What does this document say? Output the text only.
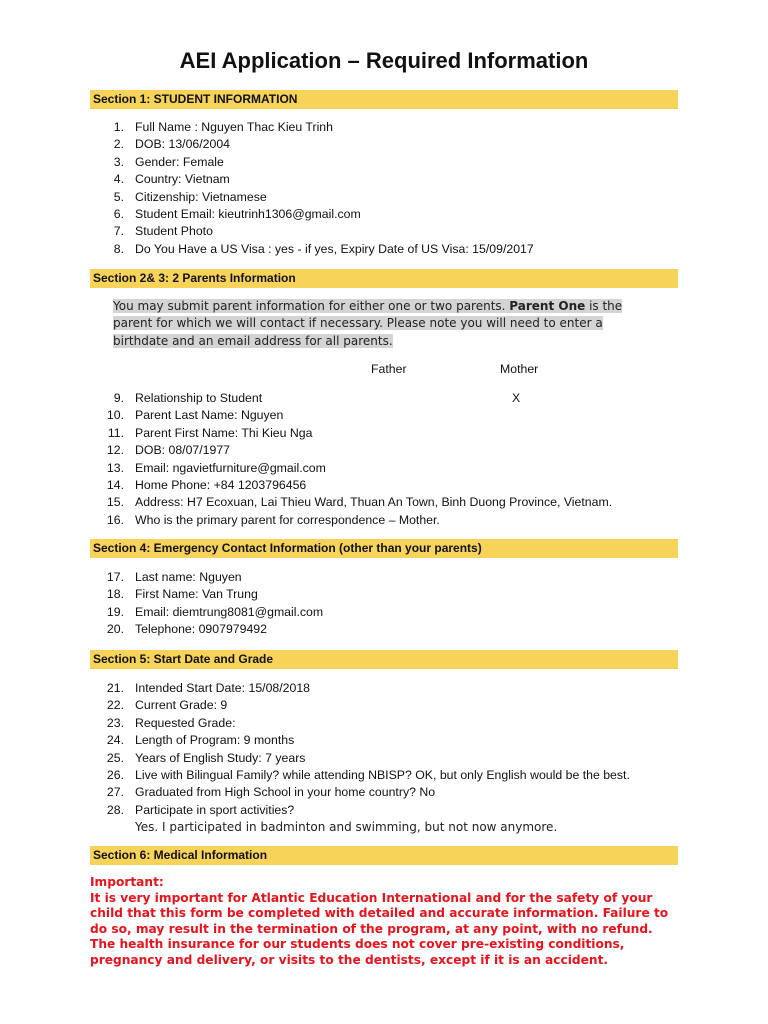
AEI Application – Required Information
Section 1: STUDENT INFORMATION
1. Full Name : Nguyen Thac Kieu Trinh
2. DOB: 13/06/2004
3. Gender: Female
4. Country: Vietnam
5. Citizenship: Vietnamese
6. Student Email: kieutrinh1306@gmail.com
7. Student Photo
8. Do You Have a US Visa : yes - if yes, Expiry Date of US Visa: 15/09/2017
Section 2& 3: 2 Parents Information
You may submit parent information for either one or two parents. Parent One is the parent for which we will contact if necessary. Please note you will need to enter a birthdate and an email address for all parents.
Father	Mother
X
9. Relationship to Student
10. Parent Last Name: Nguyen
11. Parent First Name: Thi Kieu Nga
12. DOB: 08/07/1977
13. Email: ngavietfurniture@gmail.com
14. Home Phone: +84 1203796456
15. Address: H7 Ecoxuan, Lai Thieu Ward, Thuan An Town, Binh Duong Province, Vietnam.
16. Who is the primary parent for correspondence – Mother.
Section 4: Emergency Contact Information (other than your parents)
17. Last name: Nguyen
18. First Name: Van Trung
19. Email: diemtrung8081@gmail.com
20. Telephone: 0907979492
Section 5: Start Date and Grade
21. Intended Start Date: 15/08/2018
22. Current Grade: 9
23. Requested Grade:
24. Length of Program: 9 months
25. Years of English Study: 7 years
26. Live with Bilingual Family? while attending NBISP? OK, but only English would be the best.
27. Graduated from High School in your home country? No
28. Participate in sport activities?
Yes. I participated in badminton and swimming, but not now anymore.
Section 6: Medical Information
Important:
It is very important for Atlantic Education International and for the safety of your child that this form be completed with detailed and accurate information. Failure to do so, may result in the termination of the program, at any point, with no refund. The health insurance for our students does not cover pre-existing conditions, pregnancy and delivery, or visits to the dentists, except if it is an accident.
